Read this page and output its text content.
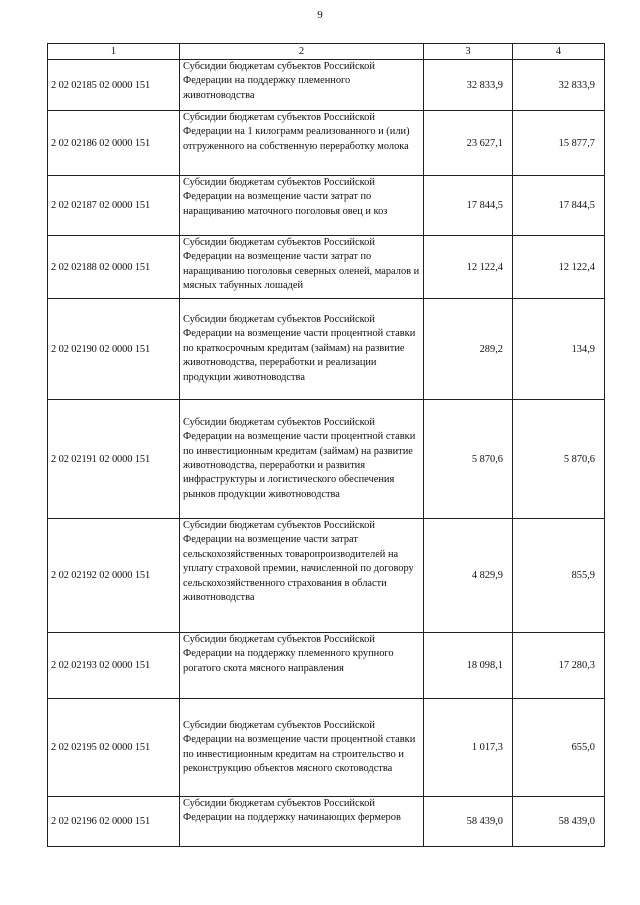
9
1	2	3	4
2 02 02185 02 0000 151	Субсидии бюджетам субъектов Российской Федерации на поддержку племенного животноводства	32 833,9	32 833,9
2 02 02186 02 0000 151	Субсидии бюджетам субъектов Российской Федерации на 1 килограмм реализованного и (или) отгруженного на собственную переработку молока	23 627,1	15 877,7
2 02 02187 02 0000 151	Субсидии бюджетам субъектов Российской Федерации на возмещение части затрат по наращиванию маточного поголовья овец и коз	17 844,5	17 844,5
2 02 02188 02 0000 151	Субсидии бюджетам субъектов Российской Федерации на возмещение части затрат по наращиванию поголовья северных оленей, маралов и мясных табунных лошадей	12 122,4	12 122,4
2 02 02190 02 0000 151	Субсидии бюджетам субъектов Российской Федерации на возмещение части процентной ставки по краткосрочным кредитам (займам) на развитие животноводства, переработки и реализации продукции животноводства	289,2	134,9
2 02 02191 02 0000 151	Субсидии бюджетам субъектов Российской Федерации на возмещение части процентной ставки по инвестиционным кредитам (займам) на развитие животноводства, переработки и развития инфраструктуры и логистического обеспечения рынков продукции животноводства	5 870,6	5 870,6
2 02 02192 02 0000 151	Субсидии бюджетам субъектов Российской Федерации на возмещение части затрат сельскохозяйственных товаропроизводителей на уплату страховой премии, начисленной по договору сельскохозяйственного страхования в области животноводства	4 829,9	855,9
2 02 02193 02 0000 151	Субсидии бюджетам субъектов Российской Федерации на поддержку племенного крупного рогатого скота мясного направления	18 098,1	17 280,3
2 02 02195 02 0000 151	Субсидии бюджетам субъектов Российской Федерации на возмещение части процентной ставки по инвестиционным кредитам на строительство и реконструкцию объектов мясного скотоводства	1 017,3	655,0
2 02 02196 02 0000 151	Субсидии бюджетам субъектов Российской Федерации на поддержку начинающих фермеров	58 439,0	58 439,0
